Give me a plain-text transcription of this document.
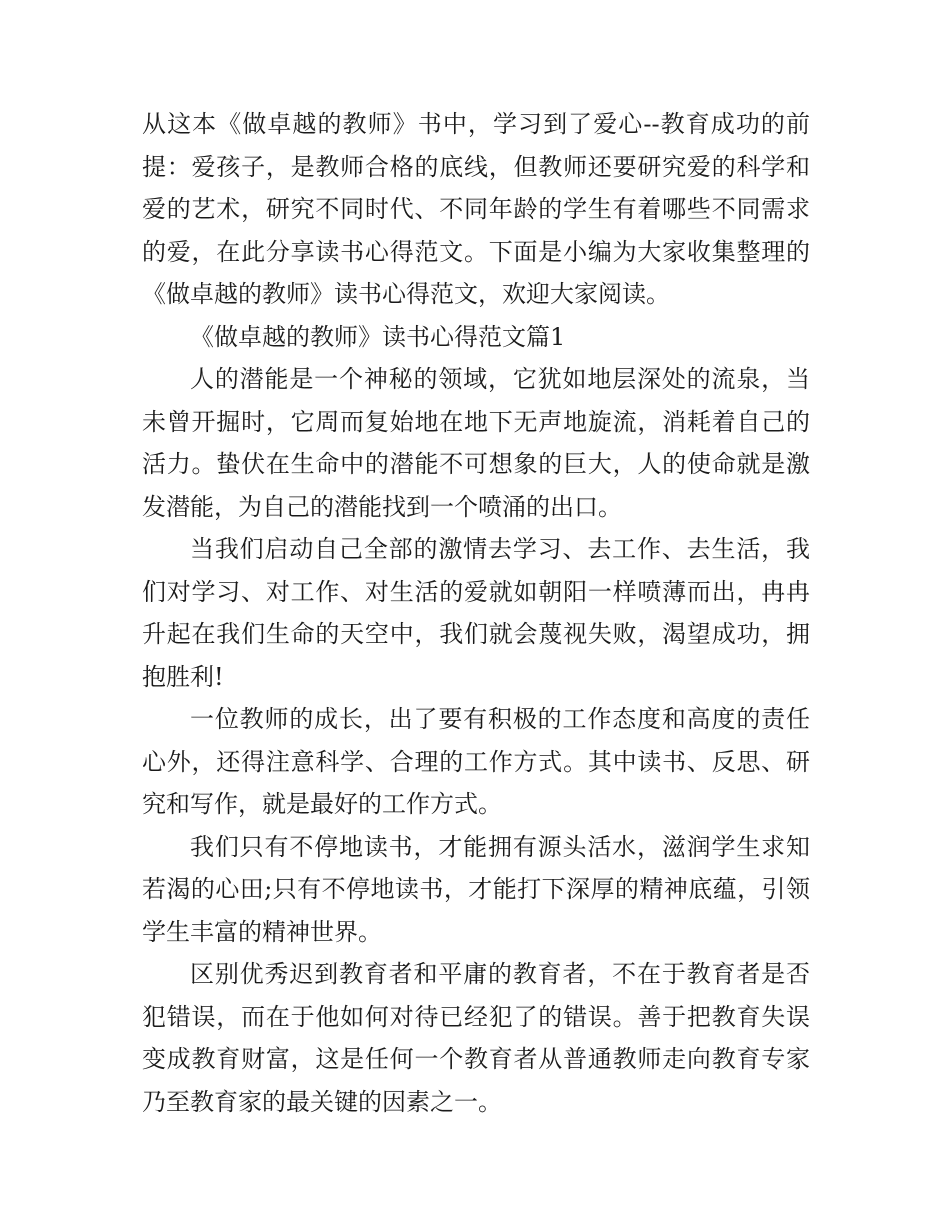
从这本《做卓越的教师》书中，学习到了爱心--教育成功的前提：爱孩子，是教师合格的底线，但教师还要研究爱的科学和爱的艺术，研究不同时代、不同年龄的学生有着哪些不同需求的爱，在此分享读书心得范文。下面是小编为大家收集整理的《做卓越的教师》读书心得范文，欢迎大家阅读。

《做卓越的教师》读书心得范文篇1

人的潜能是一个神秘的领域，它犹如地层深处的流泉，当未曾开掘时，它周而复始地在地下无声地旋流，消耗着自己的活力。蛰伏在生命中的潜能不可想象的巨大，人的使命就是激发潜能，为自己的潜能找到一个喷涌的出口。

当我们启动自己全部的激情去学习、去工作、去生活，我们对学习、对工作、对生活的爱就如朝阳一样喷薄而出，冉冉升起在我们生命的天空中，我们就会蔑视失败，渴望成功，拥抱胜利!

一位教师的成长，出了要有积极的工作态度和高度的责任心外，还得注意科学、合理的工作方式。其中读书、反思、研究和写作，就是最好的工作方式。

我们只有不停地读书，才能拥有源头活水，滋润学生求知若渴的心田;只有不停地读书，才能打下深厚的精神底蕴，引领学生丰富的精神世界。

区别优秀迟到教育者和平庸的教育者，不在于教育者是否犯错误，而在于他如何对待已经犯了的错误。善于把教育失误变成教育财富，这是任何一个教育者从普通教师走向教育专家乃至教育家的最关键的因素之一。
